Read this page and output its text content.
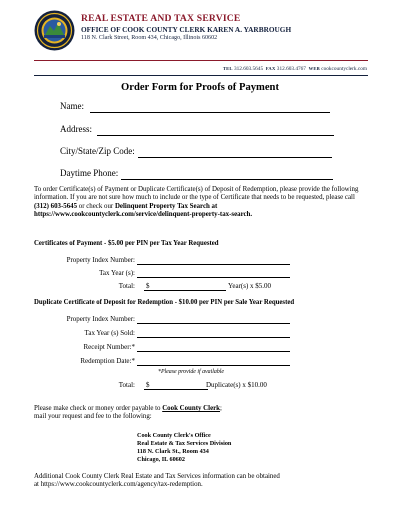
REAL ESTATE AND TAX SERVICE
OFFICE OF COOK COUNTY CLERK KAREN A. YARBROUGH
118 N. Clark Street, Room 434, Chicago, Illinois 60602
TEL 312.603.5645 FAX 312.603.4767 WEB cookcountyclerk.com
Order Form for Proofs of Payment
Name:
Address:
City/State/Zip Code:
Daytime Phone:
To order Certificate(s) of Payment or Duplicate Certificate(s) of Deposit of Redemption, please provide the following information. If you are not sure how much to include or the type of Certificate that needs to be requested, please call (312) 603-5645 or check our Delinquent Property Tax Search at https://www.cookcountyclerk.com/service/delinquent-property-tax-search.
Certificates of Payment - $5.00 per PIN per Tax Year Requested
Property Index Number:
Tax Year (s):
Total: $	Year(s) x $5.00
Duplicate Certificate of Deposit for Redemption - $10.00 per PIN per Sale Year Requested
Property Index Number:
Tax Year (s) Sold:
Receipt Number:*
Redemption Date:*
*Please provide if available
Total: $	Duplicate(s) x $10.00
Please make check or money order payable to Cook County Clerk;
mail your request and fee to the following:
Cook County Clerk's Office
Real Estate & Tax Services Division
118 N. Clark St., Room 434
Chicago, IL 60602
Additional Cook County Clerk Real Estate and Tax Services information can be obtained
at https://www.cookcountyclerk.com/agency/tax-redemption.
